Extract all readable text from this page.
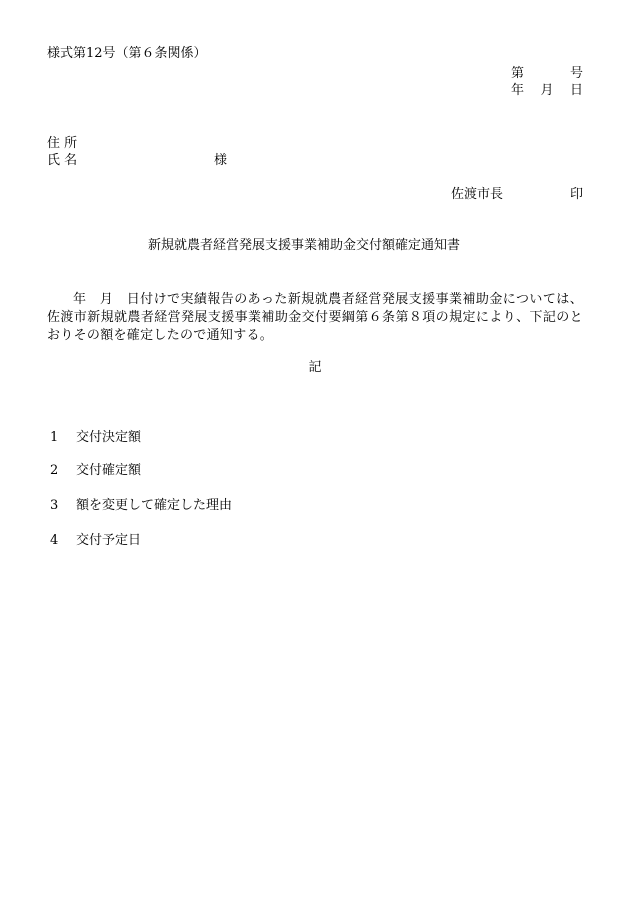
様式第12号（第６条関係）
第	号
年 月 日
住 所
氏 名	様
佐渡市長	印
新規就農者経営発展支援事業補助金交付額確定通知書
年　月　日付けで実績報告のあった新規就農者経営発展支援事業補助金については、佐渡市新規就農者経営発展支援事業補助金交付要綱第６条第８項の規定により、下記のとおりその額を確定したので通知する。
記
1	交付決定額
2	交付確定額
3	額を変更して確定した理由
4	交付予定日
